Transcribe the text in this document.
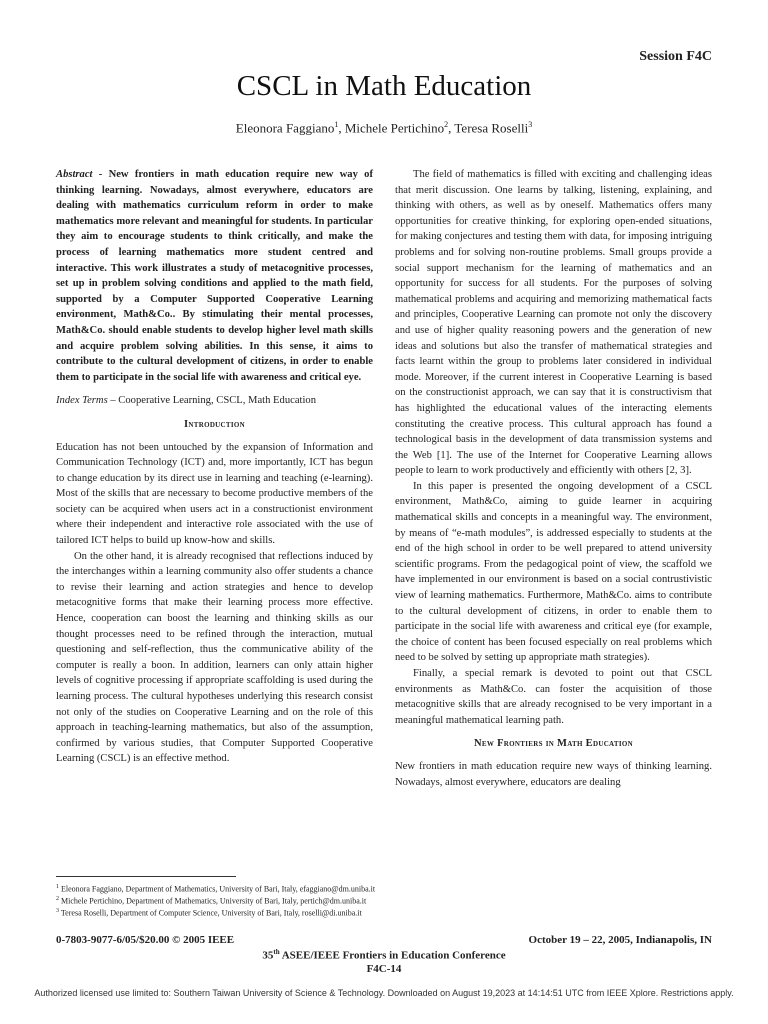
Session F4C
CSCL in Math Education
Eleonora Faggiano$^1$, Michele Pertichino$^2$, Teresa Roselli$^3$

Abstract - New frontiers in math education require new way of thinking learning. Nowadays, almost everywhere, educators are dealing with mathematics curriculum reform in order to make mathematics more relevant and meaningful for students. In particular they aim to encourage students to think critically, and make the process of learning mathematics more student centred and interactive. This work illustrates a study of metacognitive processes, set up in problem solving conditions and applied to the math field, supported by a Computer Supported Cooperative Learning environment, Math&Co.. By stimulating their mental processes, Math&Co. should enable students to develop higher level math skills and acquire problem solving abilities. In this sense, it aims to contribute to the cultural development of citizens, in order to enable them to participate in the social life with awareness and critical eye.

Index Terms – Cooperative Learning, CSCL, Math Education

Introduction

Education has not been untouched by the expansion of Information and Communication Technology (ICT) and, more importantly, ICT has begun to change education by its direct use in learning and teaching (e-learning). Most of the skills that are necessary to become productive members of the society can be acquired when users act in a constructionist environment where their independent and interactive role associated with the use of tailored ICT helps to build up know-how and skills.

On the other hand, it is already recognised that reflections induced by the interchanges within a learning community also offer students a chance to revise their learning and action strategies and hence to develop metacognitive forms that make their learning process more effective. Hence, cooperation can boost the learning and thinking skills as our thought processes need to be refined through the interaction, mutual questioning and self-reflection, thus the communicative ability of the computer is really a boon. In addition, learners can only attain higher levels of cognitive processing if appropriate scaffolding is used during the learning process. The cultural hypotheses underlying this research consist not only of the studies on Cooperative Learning and on the role of this approach in teaching-learning mathematics, but also of the assumption, confirmed by various studies, that Computer Supported Cooperative Learning (CSCL) is an effective method.

The field of mathematics is filled with exciting and challenging ideas that merit discussion. One learns by talking, listening, explaining, and thinking with others, as well as by oneself. Mathematics offers many opportunities for creative thinking, for exploring open-ended situations, for making conjectures and testing them with data, for imposing intriguing problems and for solving non-routine problems. Small groups provide a social support mechanism for the learning of mathematics and an opportunity for success for all students. For the purposes of solving mathematical problems and acquiring and memorizing mathematical facts and principles, Cooperative Learning can promote not only the discovery and use of higher quality reasoning powers and the generation of new ideas and solutions but also the transfer of mathematical strategies and facts learnt within the group to problems later considered in individual mode. Moreover, if the current interest in Cooperative Learning is based on the constructionist approach, we can say that it is constructivism that has highlighted the educational values of the interacting elements constituting the creative process. This cultural approach has found a technological basis in the development of data transmission systems and the Web [1]. The use of the Internet for Cooperative Learning allows people to learn to work productively and efficiently with others [2, 3].

In this paper is presented the ongoing development of a CSCL environment, Math&Co, aiming to guide learner in acquiring mathematical skills and concepts in a meaningful way. The environment, by means of “e-math modules”, is addressed especially to students at the end of the high school in order to be well prepared to attend university scientific programs. From the pedagogical point of view, the scaffold we have implemented in our environment is based on a social contrustivistic view of learning mathematics. Furthermore, Math&Co. aims to contribute to the cultural development of citizens, in order to enable them to participate in the social life with awareness and critical eye (for example, the choice of content has been focused especially on real problems which need to be solved by setting up appropriate math strategies).

Finally, a special remark is devoted to point out that CSCL environments as Math&Co. can foster the acquisition of those metacognitive skills that are already recognised to be very important in a meaningful mathematical learning path.

New Frontiers in Math Education

New frontiers in math education require new ways of thinking learning. Nowadays, almost everywhere, educators are dealing

$^1$ Eleonora Faggiano, Department of Mathematics, University of Bari, Italy, efaggiano@dm.uniba.it
$^2$ Michele Pertichino, Department of Mathematics, University of Bari, Italy, pertich@dm.uniba.it
$^3$ Teresa Roselli, Department of Computer Science, University of Bari, Italy, roselli@di.uniba.it
0-7803-9077-6/05/$20.00 © 2005 IEEE	October 19 – 22, 2005, Indianapolis, IN
35th ASEE/IEEE Frontiers in Education Conference
F4C-14
Authorized licensed use limited to: Southern Taiwan University of Science & Technology. Downloaded on August 19,2023 at 14:14:51 UTC from IEEE Xplore. Restrictions apply.
